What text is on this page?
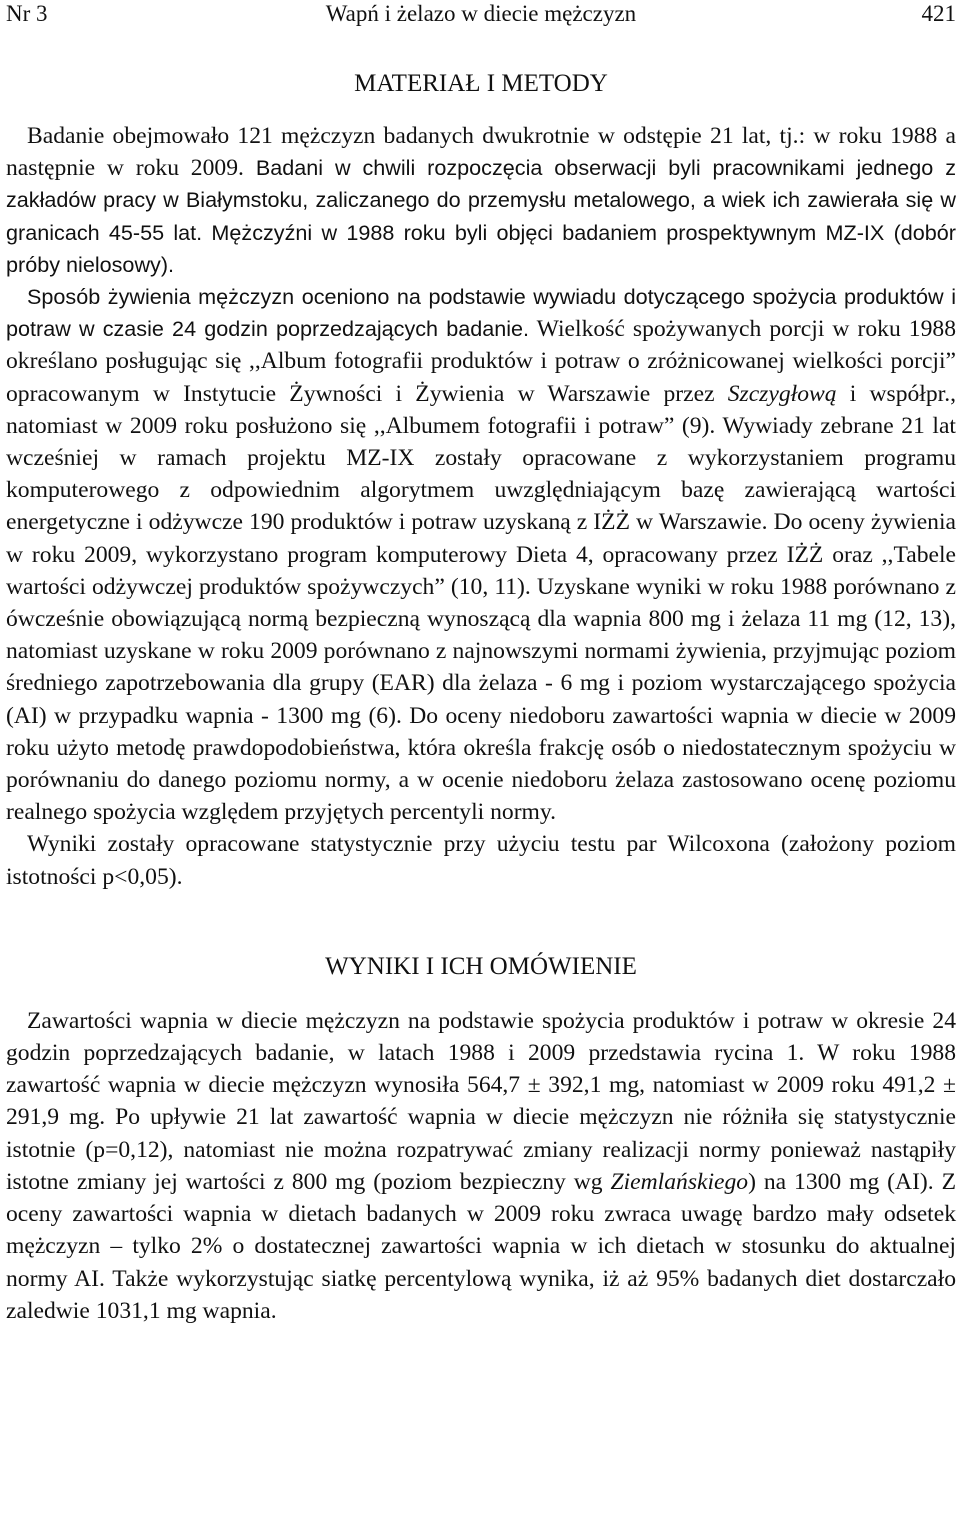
Nr 3	Wapń i żelazo w diecie mężczyzn	421
MATERIAŁ I METODY

Badanie obejmowało 121 mężczyzn badanych dwukrotnie w odstępie 21 lat, tj.: w roku 1988 a następnie w roku 2009. Badani w chwili rozpoczęcia obserwacji byli pracownikami jednego z zakładów pracy w Białymstoku, zaliczanego do przemysłu metalowego, a wiek ich zawierała się w granicach 45-55 lat. Mężczyźni w 1988 roku byli objęci badaniem prospektywnym MZ-IX (dobór próby nielosowy).

Sposób żywienia mężczyzn oceniono na podstawie wywiadu dotyczącego spożycia produktów i potraw w czasie 24 godzin poprzedzających badanie. Wielkość spożywanych porcji w roku 1988 określano posługując się ,,Album fotografii produktów i potraw o zróżnicowanej wielkości porcji” opracowanym w Instytucie Żywności i Żywienia w Warszawie przez Szczygłową i współpr., natomiast w 2009 roku posłużono się ,,Albumem fotografii i potraw” (9). Wywiady zebrane 21 lat wcześniej w ramach projektu MZ-IX zostały opracowane z wykorzystaniem programu komputerowego z odpowiednim algorytmem uwzględniającym bazę zawierającą wartości energetyczne i odżywcze 190 produktów i potraw uzyskaną z IŻŻ w Warszawie. Do oceny żywienia w roku 2009, wykorzystano program komputerowy Dieta 4, opracowany przez IŻŻ oraz ,,Tabele wartości odżywczej produktów spożywczych” (10, 11). Uzyskane wyniki w roku 1988 porównano z ówcześnie obowiązującą normą bezpieczną wynoszącą dla wapnia 800 mg i żelaza 11 mg (12, 13), natomiast uzyskane w roku 2009 porównano z najnowszymi normami żywienia, przyjmując poziom średniego zapotrzebowania dla grupy (EAR) dla żelaza - 6 mg i poziom wystarczającego spożycia (AI) w przypadku wapnia - 1300 mg (6). Do oceny niedoboru zawartości wapnia w diecie w 2009 roku użyto metodę prawdopodobieństwa, która określa frakcję osób o niedostatecznym spożyciu w porównaniu do danego poziomu normy, a w ocenie niedoboru żelaza zastosowano ocenę poziomu realnego spożycia względem przyjętych percentyli normy.

Wyniki zostały opracowane statystycznie przy użyciu testu par Wilcoxona (założony poziom istotności p<0,05).

WYNIKI I ICH OMÓWIENIE

Zawartości wapnia w diecie mężczyzn na podstawie spożycia produktów i potraw w okresie 24 godzin poprzedzających badanie, w latach 1988 i 2009 przedstawia rycina 1. W roku 1988 zawartość wapnia w diecie mężczyzn wynosiła 564,7 ± 392,1 mg, natomiast w 2009 roku 491,2 ± 291,9 mg. Po upływie 21 lat zawartość wapnia w diecie mężczyzn nie różniła się statystycznie istotnie (p=0,12), natomiast nie można rozpatrywać zmiany realizacji normy ponieważ nastąpiły istotne zmiany jej wartości z 800 mg (poziom bezpieczny wg Ziemlańskiego) na 1300 mg (AI). Z oceny zawartości wapnia w dietach badanych w 2009 roku zwraca uwagę bardzo mały odsetek mężczyzn – tylko 2% o dostatecznej zawartości wapnia w ich dietach w stosunku do aktualnej normy AI. Także wykorzystując siatkę percentylową wynika, iż aż 95% badanych diet dostarczało zaledwie 1031,1 mg wapnia.
